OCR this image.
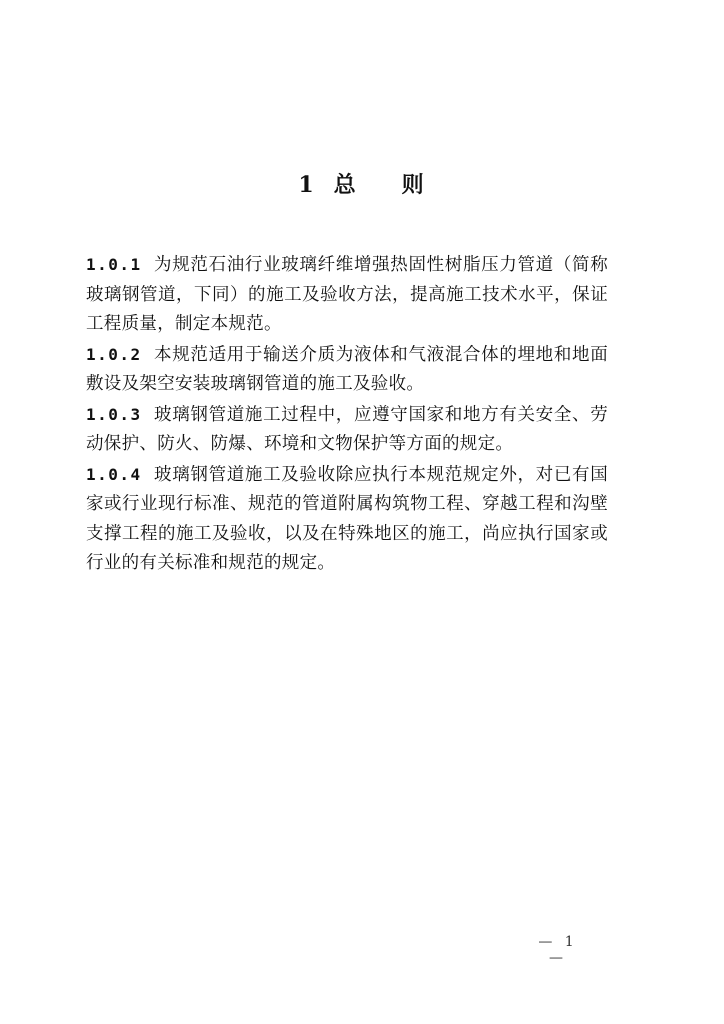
1 总 则

1.0.1 为规范石油行业玻璃纤维增强热固性树脂压力管道（简称玻璃钢管道，下同）的施工及验收方法，提高施工技术水平，保证工程质量，制定本规范。

1.0.2 本规范适用于输送介质为液体和气液混合体的埋地和地面敷设及架空安装玻璃钢管道的施工及验收。

1.0.3 玻璃钢管道施工过程中，应遵守国家和地方有关安全、劳动保护、防火、防爆、环境和文物保护等方面的规定。

1.0.4 玻璃钢管道施工及验收除应执行本规范规定外，对已有国家或行业现行标准、规范的管道附属构筑物工程、穿越工程和沟壁支撑工程的施工及验收，以及在特殊地区的施工，尚应执行国家或行业的有关标准和规范的规定。

— 1 —
